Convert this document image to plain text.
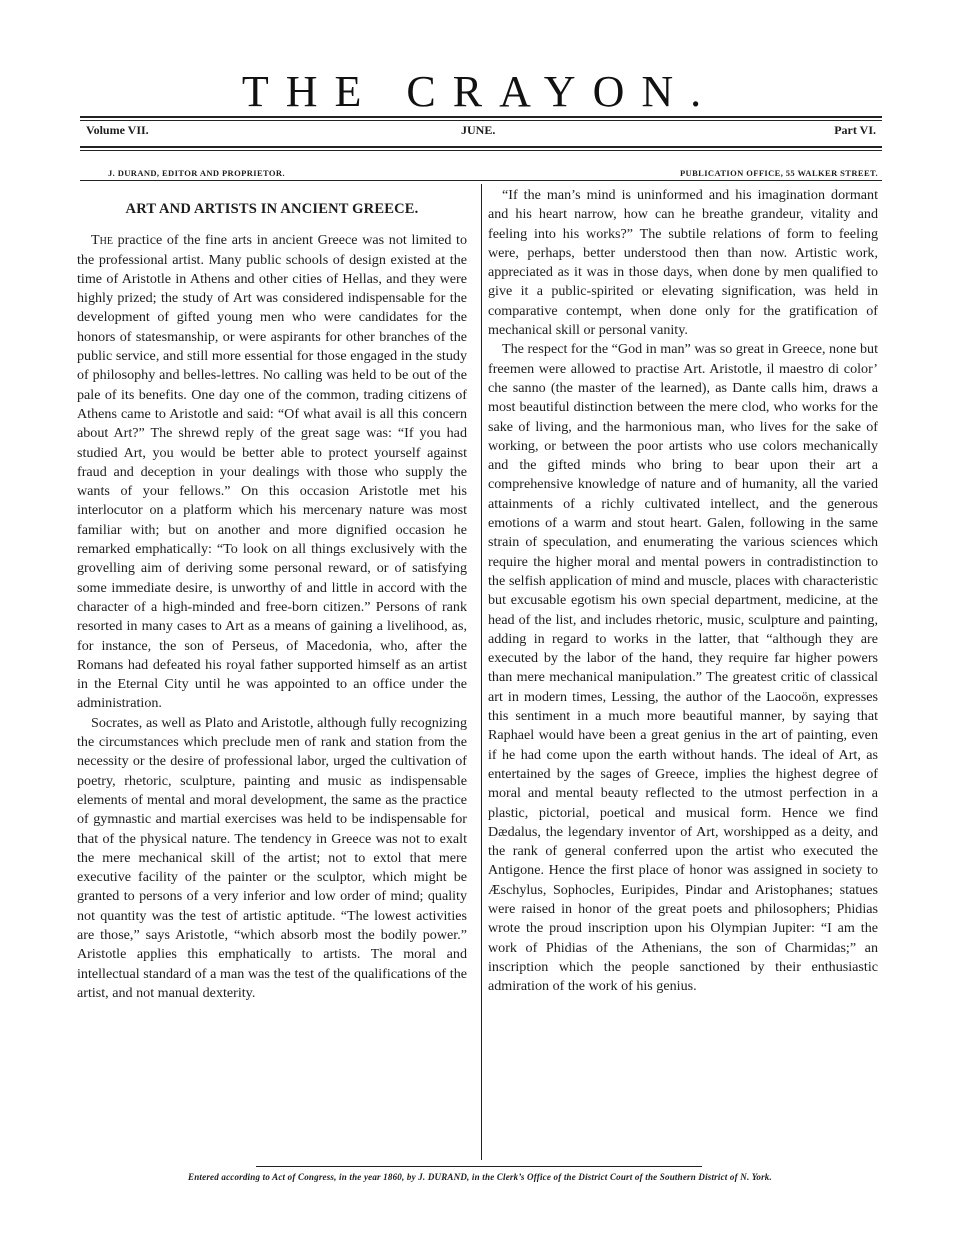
THE CRAYON.
Volume VII.	JUNE.	Part VI.
J. DURAND, EDITOR AND PROPRIETOR.	PUBLICATION OFFICE, 55 WALKER STREET.

ART AND ARTISTS IN ANCIENT GREECE.

The practice of the fine arts in ancient Greece was not limited to the professional artist. Many public schools of design existed at the time of Aristotle in Athens and other cities of Hellas, and they were highly prized; the study of Art was considered indispensable for the development of gifted young men who were candidates for the honors of statesmanship, or were aspirants for other branches of the public service, and still more essential for those engaged in the study of philosophy and belles-lettres. No calling was held to be out of the pale of its benefits. One day one of the common, trading citizens of Athens came to Aristotle and said: “Of what avail is all this concern about Art?” The shrewd reply of the great sage was: “If you had studied Art, you would be better able to protect yourself against fraud and deception in your dealings with those who supply the wants of your fellows.” On this occasion Aristotle met his interlocutor on a platform which his mercenary nature was most familiar with; but on another and more dignified occasion he remarked emphatically: “To look on all things exclusively with the grovelling aim of deriving some personal reward, or of satisfying some immediate desire, is unworthy of and little in accord with the character of a high-minded and free-born citizen.” Persons of rank resorted in many cases to Art as a means of gaining a livelihood, as, for instance, the son of Perseus, of Macedonia, who, after the Romans had defeated his royal father supported himself as an artist in the Eternal City until he was appointed to an office under the administration.

Socrates, as well as Plato and Aristotle, although fully recognizing the circumstances which preclude men of rank and station from the necessity or the desire of professional labor, urged the cultivation of poetry, rhetoric, sculpture, painting and music as indispensable elements of mental and moral development, the same as the practice of gymnastic and martial exercises was held to be indispensable for that of the physical nature. The tendency in Greece was not to exalt the mere mechanical skill of the artist; not to extol that mere executive facility of the painter or the sculptor, which might be granted to persons of a very inferior and low order of mind; quality not quantity was the test of artistic aptitude. “The lowest activities are those,” says Aristotle, “which absorb most the bodily power.” Aristotle applies this emphatically to artists. The moral and intellectual standard of a man was the test of the qualifications of the artist, and not manual dexterity.

“If the man’s mind is uninformed and his imagination dormant and his heart narrow, how can he breathe grandeur, vitality and feeling into his works?” The subtile relations of form to feeling were, perhaps, better understood then than now. Artistic work, appreciated as it was in those days, when done by men qualified to give it a public-spirited or elevating signification, was held in comparative contempt, when done only for the gratification of mechanical skill or personal vanity.

The respect for the “God in man” was so great in Greece, none but freemen were allowed to practise Art. Aristotle, il maestro di color’ che sanno (the master of the learned), as Dante calls him, draws a most beautiful distinction between the mere clod, who works for the sake of living, and the harmonious man, who lives for the sake of working, or between the poor artists who use colors mechanically and the gifted minds who bring to bear upon their art a comprehensive knowledge of nature and of humanity, all the varied attainments of a richly cultivated intellect, and the generous emotions of a warm and stout heart. Galen, following in the same strain of speculation, and enumerating the various sciences which require the higher moral and mental powers in contradistinction to the selfish application of mind and muscle, places with characteristic but excusable egotism his own special department, medicine, at the head of the list, and includes rhetoric, music, sculpture and painting, adding in regard to works in the latter, that “although they are executed by the labor of the hand, they require far higher powers than mere mechanical manipulation.” The greatest critic of classical art in modern times, Lessing, the author of the Laocoön, expresses this sentiment in a much more beautiful manner, by saying that Raphael would have been a great genius in the art of painting, even if he had come upon the earth without hands. The ideal of Art, as entertained by the sages of Greece, implies the highest degree of moral and mental beauty reflected to the utmost perfection in a plastic, pictorial, poetical and musical form. Hence we find Dædalus, the legendary inventor of Art, worshipped as a deity, and the rank of general conferred upon the artist who executed the Antigone. Hence the first place of honor was assigned in society to Æschylus, Sophocles, Euripides, Pindar and Aristophanes; statues were raised in honor of the great poets and philosophers; Phidias wrote the proud inscription upon his Olympian Jupiter: “I am the work of Phidias of the Athenians, the son of Charmidas;” an inscription which the people sanctioned by their enthusiastic admiration of the work of his genius.

Entered according to Act of Congress, in the year 1860, by J. DURAND, in the Clerk’s Office of the District Court of the Southern District of N. York.
